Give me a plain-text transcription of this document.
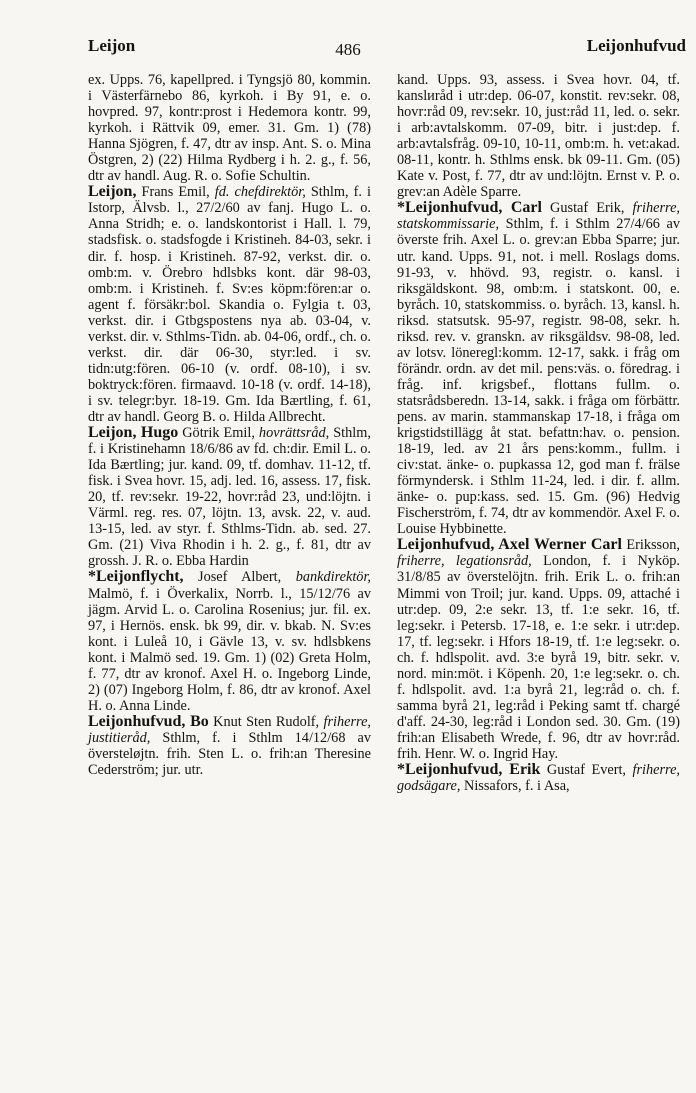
Leijon	486	Leijonhufvud

ex. Upps. 76, kapellpred. i Tyngsjö 80, kommin. i Västerfärnebo 86, kyrkoh. i By 91, e. o. hovpred. 97, kontr:prost i Hedemora kontr. 99, kyrkoh. i Rättvik 09, emer. 31. Gm. 1) (78) Hanna Sjögren, f. 47, dtr av insp. Ant. S. o. Mina Östgren, 2) (22) Hilma Rydberg i h. 2. g., f. 56, dtr av handl. Aug. R. o. Sofie Schultin.

Leijon, Frans Emil, fd. chefdirektör, Sthlm, f. i Istorp, Älvsb. l., 27/2/60 av fanj. Hugo L. o. Anna Stridh; e. o. landskontorist i Hall. l. 79, stadsfisk. o. stadsfogde i Kristineh. 84-03, sekr. i dir. f. hosp. i Kristineh. 87-92, verkst. dir. o. omb:m. v. Örebro hdlsbks kont. där 98-03, omb:m. i Kristineh. f. Sv:es köpm:fören:ar o. agent f. försäkr:bol. Skandia o. Fylgia t. 03, verkst. dir. i Gtbgspostens nya ab. 03-04, v. verkst. dir. v. Sthlms-Tidn. ab. 04-06, ordf., ch. o. verkst. dir. där 06-30, styr:led. i sv. tidn:utg:fören. 06-10 (v. ordf. 08-10), i sv. boktryck:fören. firmaavd. 10-18 (v. ordf. 14-18), i sv. telegr:byr. 18-19. Gm. Ida Bærtling, f. 61, dtr av handl. Georg B. o. Hilda Allbrecht.

Leijon, Hugo Götrik Emil, hovrättsråd, Sthlm, f. i Kristinehamn 18/6/86 av fd. ch:dir. Emil L. o. Ida Bærtling; jur. kand. 09, tf. domhav. 11-12, tf. fisk. i Svea hovr. 15, adj. led. 16, assess. 17, fisk. 20, tf. rev:sekr. 19-22, hovr:råd 23, und:löjtn. i Värml. reg. res. 07, löjtn. 13, avsk. 22, v. aud. 13-15, led. av styr. f. Sthlms-Tidn. ab. sed. 27. Gm. (21) Viva Rhodin i h. 2. g., f. 81, dtr av grossh. J. R. o. Ebba Hardin

*Leijonflycht, Josef Albert, bankdirektör, Malmö, f. i Överkalix, Norrb. l., 15/12/76 av jägm. Arvid L. o. Carolina Rosenius; jur. fil. ex. 97, i Hernös. ensk. bk 99, dir. v. bkab. N. Sv:es kont. i Luleå 10, i Gävle 13, v. sv. hdlsbkens kont. i Malmö sed. 19. Gm. 1) (02) Greta Holm, f. 77, dtr av kronof. Axel H. o. Ingeborg Linde, 2) (07) Ingeborg Holm, f. 86, dtr av kronof. Axel H. o. Anna Linde.

Leijonhufvud, Bo Knut Sten Rudolf, friherre, justitieråd, Sthlm, f. i Sthlm 14/12/68 av översteløjtn. frih. Sten L. o. frih:an Theresine Cederström; jur. utr.

kand. Upps. 93, assess. i Svea hovr. 04, tf. kanslиråd i utr:dep. 06-07, konstit. rev:sekr. 08, hovr:råd 09, rev:sekr. 10, just:råd 11, led. o. sekr. i arb:avtalskomm. 07-09, bitr. i just:dep. f. arb:avtalsfråg. 09-10, 10-11, omb:m. h. vet:akad. 08-11, kontr. h. Sthlms ensk. bk 09-11. Gm. (05) Kate v. Post, f. 77, dtr av und:löjtn. Ernst v. P. o. grev:an Adèle Sparre.

*Leijonhufvud, Carl Gustaf Erik, friherre, statskommissarie, Sthlm, f. i Sthlm 27/4/66 av överste frih. Axel L. o. grev:an Ebba Sparre; jur. utr. kand. Upps. 91, not. i mell. Roslags doms. 91-93, v. hhövd. 93, registr. o. kansl. i riksgäldskont. 98, omb:m. i statskont. 00, e. byråch. 10, statskommiss. o. byråch. 13, kansl. h. riksd. statsutsk. 95-97, registr. 98-08, sekr. h. riksd. rev. v. granskn. av riksgäldsv. 98-08, led. av lotsv. löneregl:komm. 12-17, sakk. i fråg om förändr. ordn. av det mil. pens:väs. o. föredrag. i fråg. inf. krigsbef., flottans fullm. o. statsrådsberedn. 13-14, sakk. i fråga om förbättr. pens. av marin. stammanskap 17-18, i fråga om krigstidstillägg åt stat. befattn:hav. o. pension. 18-19, led. av 21 års pens:komm., fullm. i civ:stat. änke- o. pupkassa 12, god man f. frälse förmyndersk. i Sthlm 11-24, led. i dir. f. allm. änke- o. pup:kass. sed. 15. Gm. (96) Hedvig Fischerström, f. 74, dtr av kommendör. Axel F. o. Louise Hybbinette.

Leijonhufvud, Axel Werner Carl Eriksson, friherre, legationsråd, London, f. i Nyköp. 31/8/85 av överstelöjtn. frih. Erik L. o. frih:an Mimmi von Troil; jur. kand. Upps. 09, attaché i utr:dep. 09, 2:e sekr. 13, tf. 1:e sekr. 16, tf. leg:sekr. i Petersb. 17-18, e. 1:e sekr. i utr:dep. 17, tf. leg:sekr. i Hfors 18-19, tf. 1:e leg:sekr. o. ch. f. hdlspolit. avd. 3:e byrå 19, bitr. sekr. v. nord. min:möt. i Köpenh. 20, 1:e leg:sekr. o. ch. f. hdlspolit. avd. 1:a byrå 21, leg:råd o. ch. f. samma byrå 21, leg:råd i Peking samt tf. chargé d'aff. 24-30, leg:råd i London sed. 30. Gm. (19) frih:an Elisabeth Wrede, f. 96, dtr av hovr:råd. frih. Henr. W. o. Ingrid Hay.

*Leijonhufvud, Erik Gustaf Evert, friherre, godsägare, Nissafors, f. i Asa,
